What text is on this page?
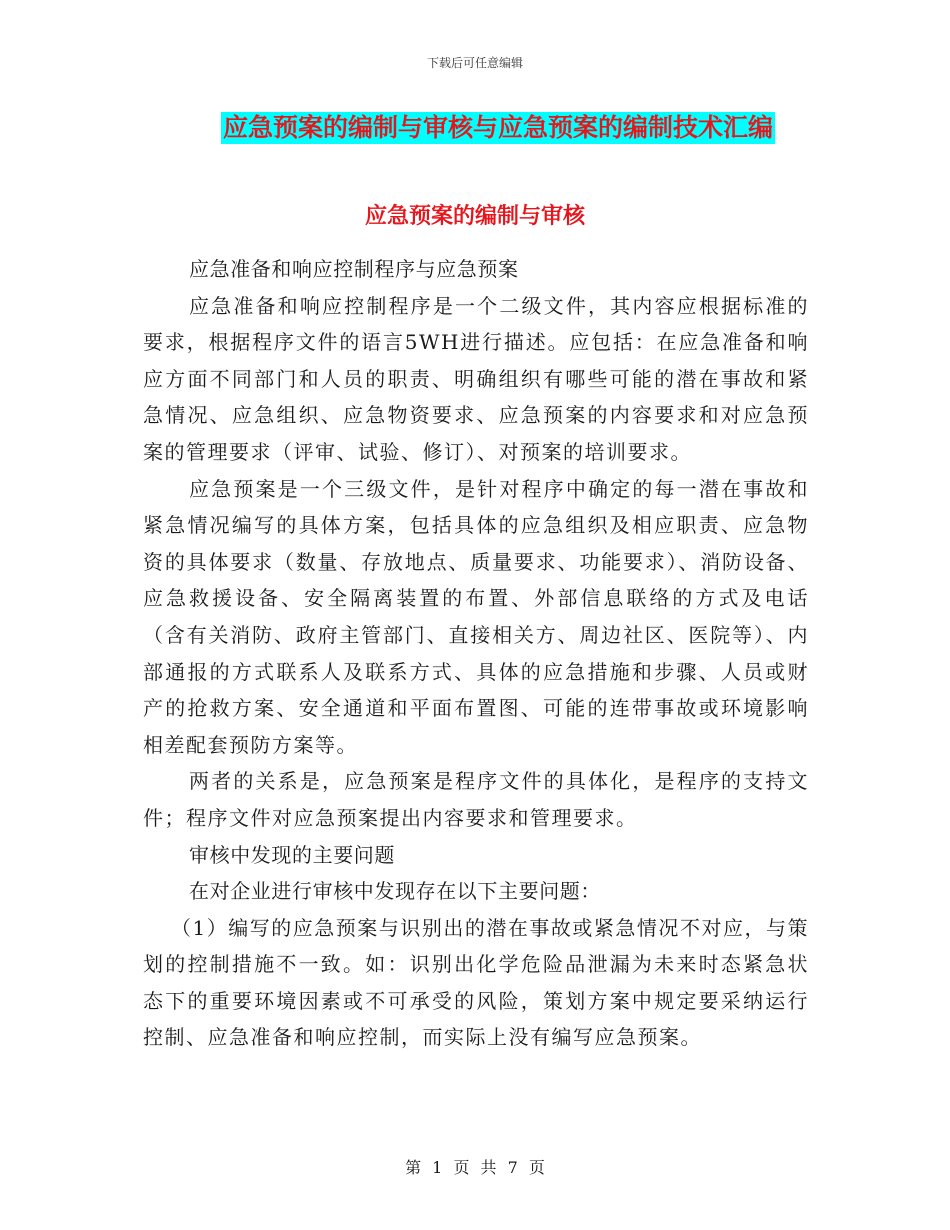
下载后可任意编辑
应急预案的编制与审核与应急预案的编制技术汇编
应急预案的编制与审核

应急准备和响应控制程序与应急预案

应急准备和响应控制程序是一个二级文件，其内容应根据标准的要求，根据程序文件的语言5WH进行描述。应包括：在应急准备和响应方面不同部门和人员的职责、明确组织有哪些可能的潜在事故和紧急情况、应急组织、应急物资要求、应急预案的内容要求和对应急预案的管理要求（评审、试验、修订）、对预案的培训要求。

应急预案是一个三级文件，是针对程序中确定的每一潜在事故和紧急情况编写的具体方案，包括具体的应急组织及相应职责、应急物资的具体要求（数量、存放地点、质量要求、功能要求）、消防设备、应急救援设备、安全隔离装置的布置、外部信息联络的方式及电话（含有关消防、政府主管部门、直接相关方、周边社区、医院等）、内部通报的方式联系人及联系方式、具体的应急措施和步骤、人员或财产的抢救方案、安全通道和平面布置图、可能的连带事故或环境影响相差配套预防方案等。

两者的关系是，应急预案是程序文件的具体化，是程序的支持文件；程序文件对应急预案提出内容要求和管理要求。

审核中发现的主要问题

在对企业进行审核中发现存在以下主要问题：

（1）编写的应急预案与识别出的潜在事故或紧急情况不对应，与策划的控制措施不一致。如：识别出化学危险品泄漏为未来时态紧急状态下的重要环境因素或不可承受的风险，策划方案中规定要采纳运行控制、应急准备和响应控制，而实际上没有编写应急预案。

第 1 页 共 7 页
